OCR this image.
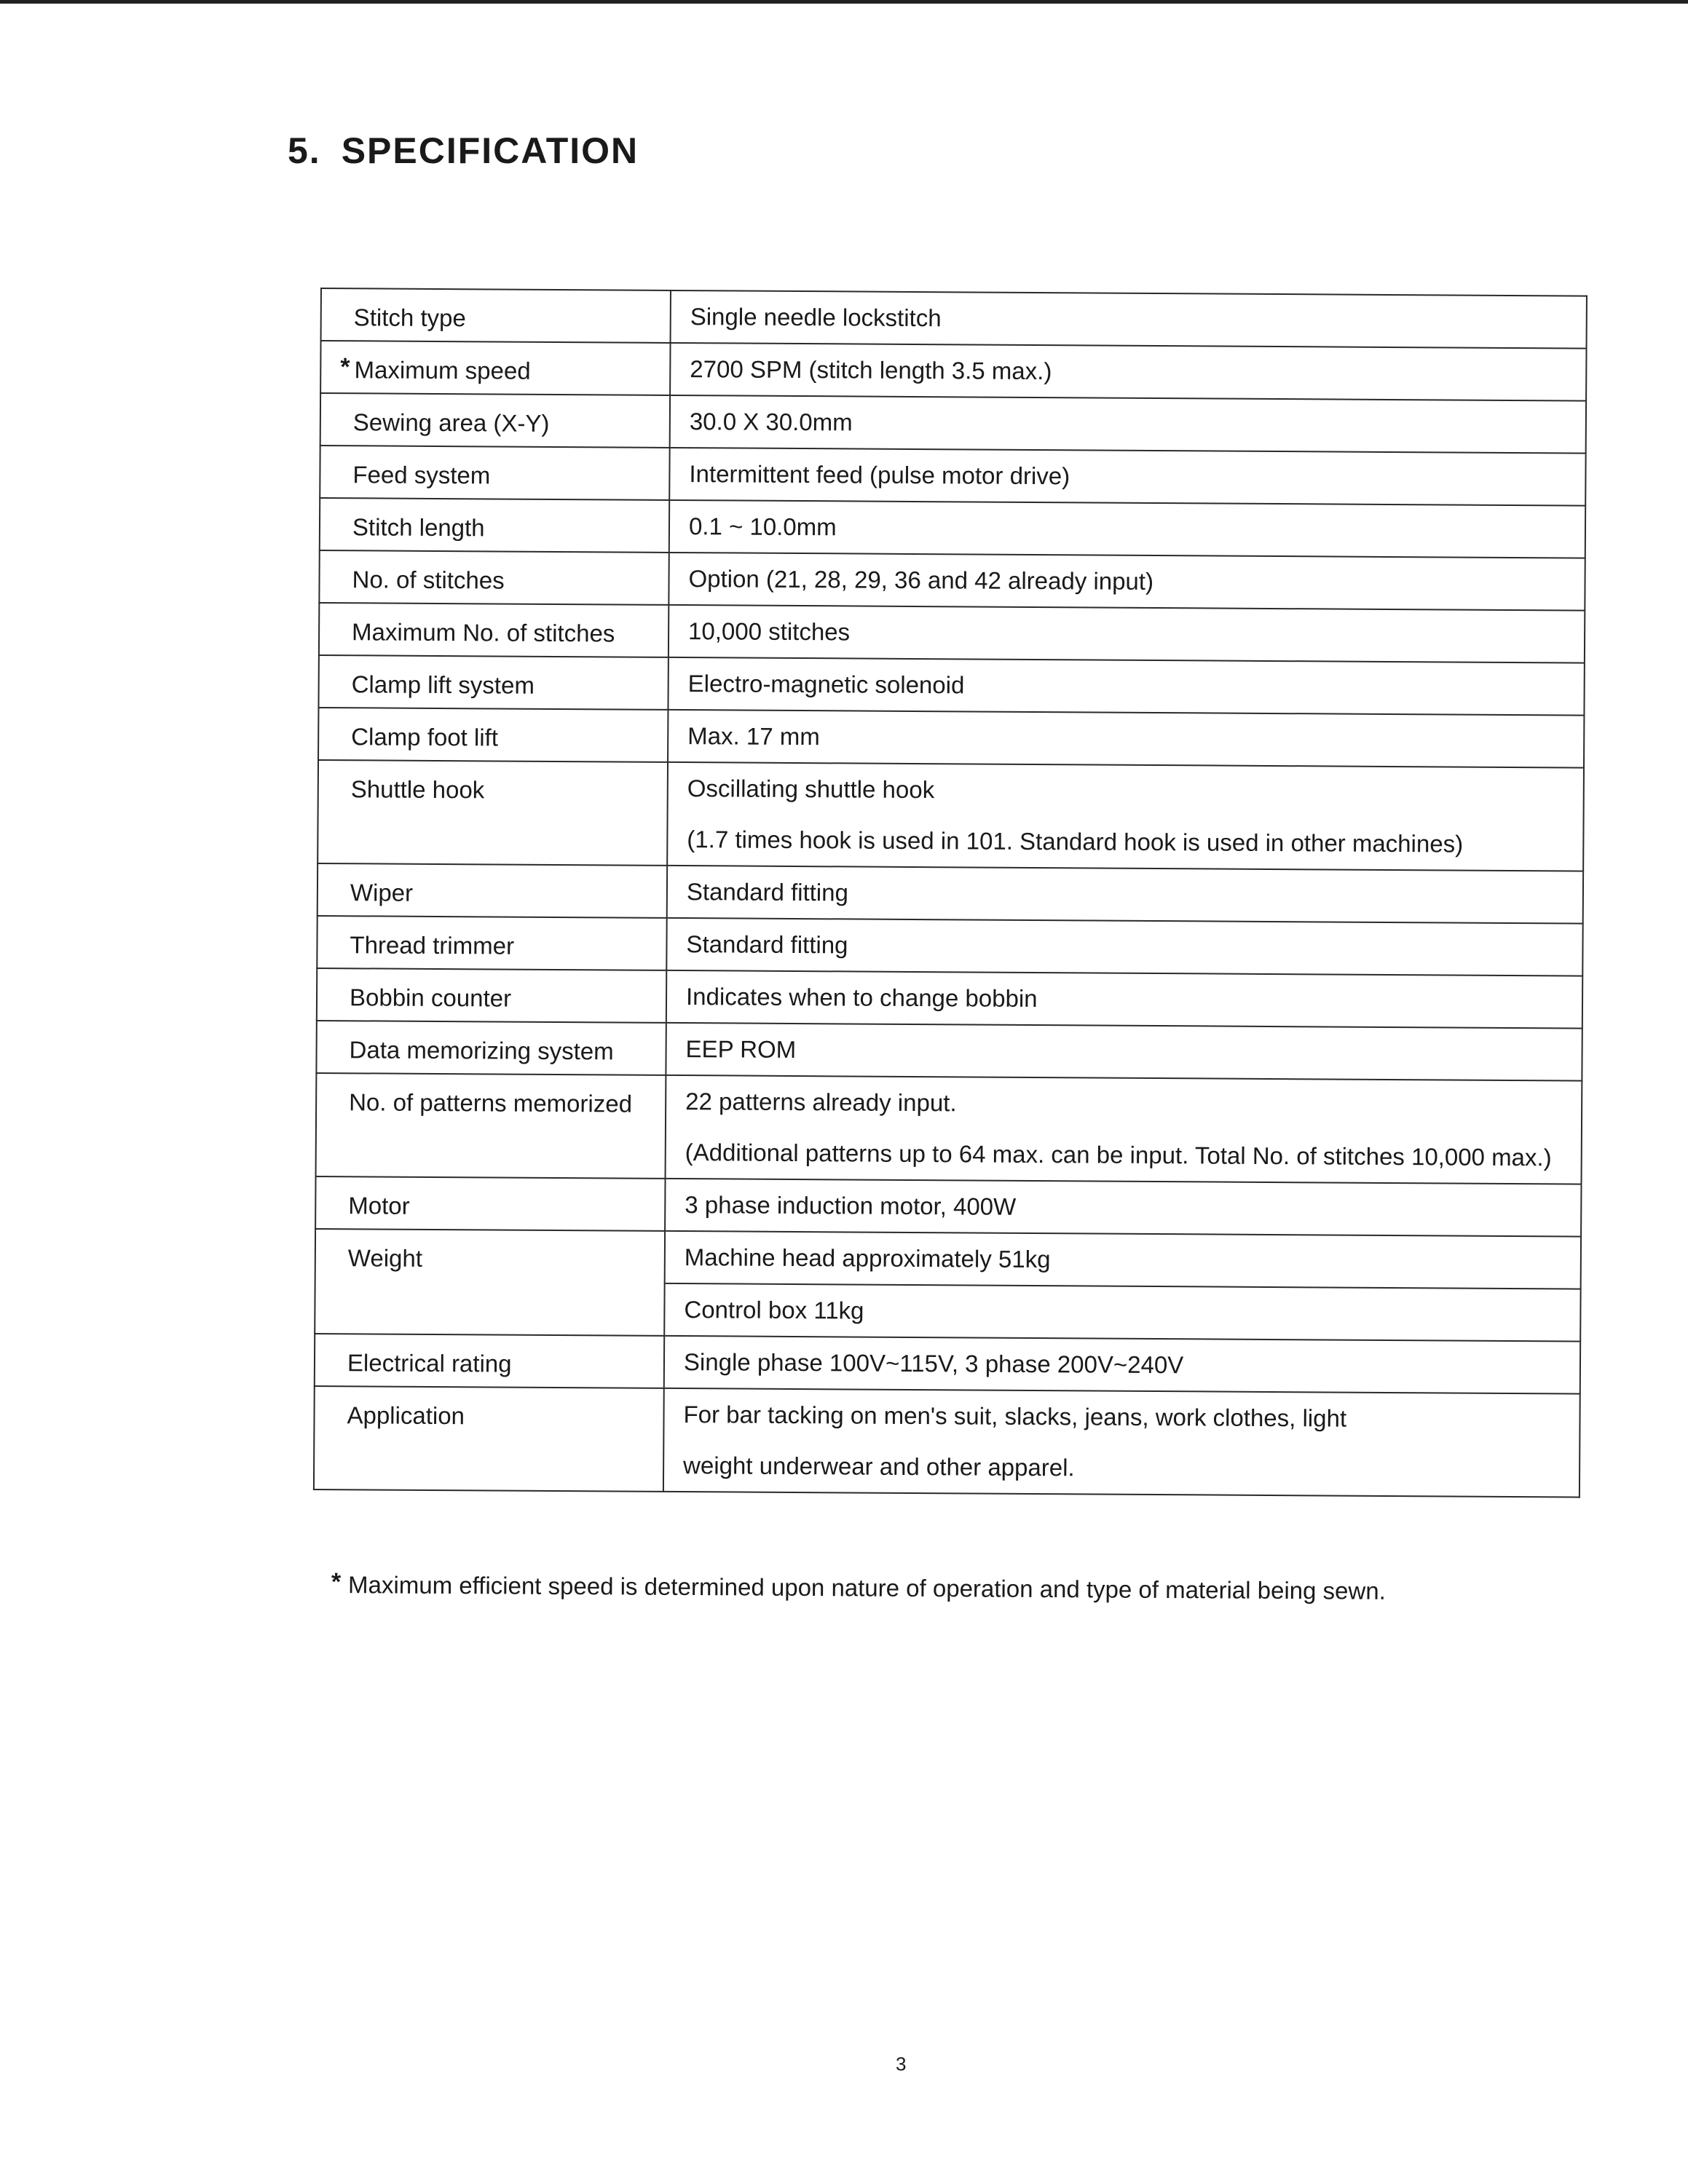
5. SPECIFICATION
Stitch type	Single needle lockstitch

* Maximum speed	2700 SPM (stitch length 3.5 max.)

Sewing area (X-Y)	30.0 X 30.0mm

Feed system	Intermittent feed (pulse motor drive)

Stitch length	0.1 ~ 10.0mm

No. of stitches	Option (21, 28, 29, 36 and 42 already input)

Maximum No. of stitches	10,000 stitches

Clamp lift system	Electro-magnetic solenoid

Clamp foot lift	Max. 17 mm

Shuttle hook	Oscillating shuttle hook
(1.7 times hook is used in 101. Standard hook is used in other machines)

Wiper	Standard fitting

Thread trimmer	Standard fitting

Bobbin counter	Indicates when to change bobbin

Data memorizing system	EEP ROM

No. of patterns memorized	22 patterns already input.
(Additional patterns up to 64 max. can be input. Total No. of stitches 10,000 max.)

Motor	3 phase induction motor, 400W

Weight	Machine head approximately 51kg

	Control box 11kg

Electrical rating	Single phase 100V~115V, 3 phase 200V~240V

Application	For bar tacking on men's suit, slacks, jeans, work clothes, light
weight underwear and other apparel.

* Maximum efficient speed is determined upon nature of operation and type of material being sewn.

3
